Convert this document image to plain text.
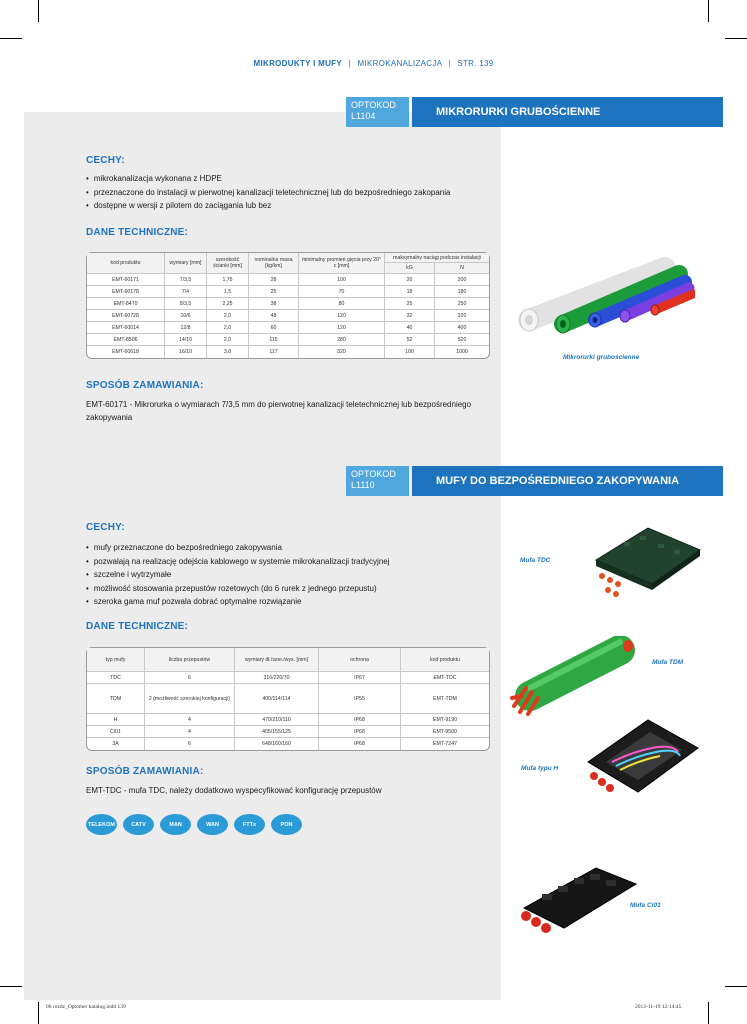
MIKRODUKTY I MUFY | MIKROKANALIZACJA | STR. 139
OPTOKOD
L1104	MIKRORURKI GRUBOŚCIENNE
CECHY:
• mikrokanalizacja wykonana z HDPE
• przeznaczone do instalacji w pierwotnej kanalizacji teletechnicznej lub do bezpośredniego zakopania
• dostępne w wersji z pilotem do zaciągania lub bez
DANE TECHNICZNE:
kod produktu	wymiary [mm]	szerokość ścianki [mm]	nominalna masa [kg/km]	minimalny promień gięcia przy 20° c [mm]	maksymalny naciąg podczas instalacji	
					kG	N
EMT-60171	7/3,5	1,75	28	100	20	200
EMT-60178	7/4	1,5	25	70	18	180
EMT-8470	8/3,5	2,25	38	80	25	250
EMT-60728	10/6	2,0	48	120	32	320
EMT-60014	12/8	2,0	60	120	40	400
EMT-8506	14/10	2,0	115	280	52	520
EMT-60618	16/10	3,0	117	320	100	1000
SPOSÓB ZAMAWIANIA:
EMT-60171 - Mikrorurka o wymiarach 7/3,5 mm do pierwotnej kanalizacji teletechnicznej lub bezpośredniego zakopywania
Mikrorurki grubościenne
OPTOKOD
L1110	MUFY DO BEZPOŚREDNIEGO ZAKOPYWANIA
CECHY:
• mufy przeznaczone do bezpośredniego zakopywania
• pozwalają na realizację odejścia kablowego w systemie mikrokanalizacji tradycyjnej
• szczelne i wytrzymałe
• możliwość stosowania przepustów rozetowych (do 6 rurek z jednego przepustu)
• szeroka gama muf pozwala dobrać optymalne rozwiązanie
DANE TECHNICZNE:
typ mufy	liczba przepustów	wymiary dł./szer./wys. [mm]	ochrona	kod produktu
TDC	6	316/220/70	IP67	EMT-TDC
TDM	2 (możliwość szerokiej konfiguracji)	400/114/114	IP55	EMT-TDM
H	4	470/210/110	IP68	EMT-9190
Ci01	4	405/155/125	IP68	EMT-9500
3A	6	648/160/160	IP68	EMT-7247
SPOSÓB ZAMAWIANIA:
EMT-TDC - mufa TDC, należy dodatkowo wyspecyfikować konfigurację przepustów
TELEKOM	CATV	MAN	WAN	FTTx	PON
Mufa TDC
Mufa TDM
Mufa typu H
Mufa Ci01
06 rozdz_Optomer katalog.indd 139	2013-11-19 12:14:45
